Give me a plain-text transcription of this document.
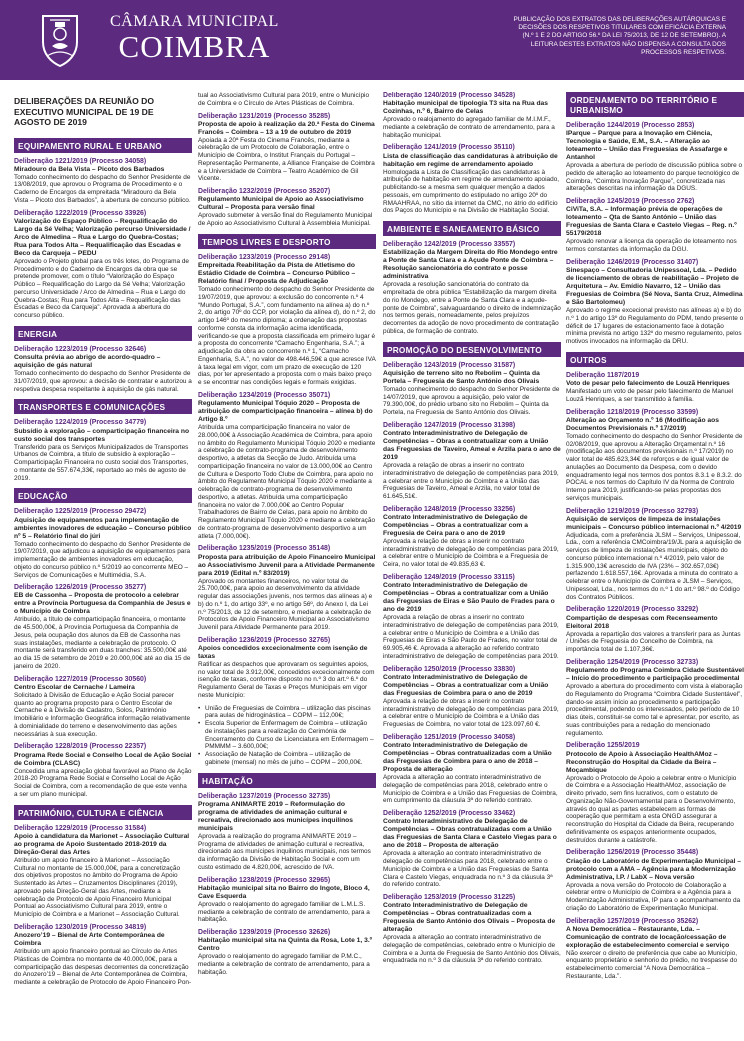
CÂMARA MUNICIPAL
COIMBRA
PUBLICAÇÃO DOS EXTRATOS DAS DELIBERAÇÕES AUTÁRQUICAS E DECISÕES DOS RESPETIVOS TITULARES COM EFICÁCIA EXTERNA (N.º 1 E 2 DO ARTIGO 56.º DA LEI 75/2013, DE 12 DE SETEMBRO). A LEITURA DESTES EXTRATOS NÃO DISPENSA A CONSULTA DOS PROCESSOS RESPETIVOS.
DELIBERAÇÕES DA REUNIÃO DO EXECUTIVO MUNICIPAL DE 19 DE AGOSTO DE 2019
EQUIPAMENTO RURAL E URBANO
Deliberação 1221/2019 (Processo 34058)
Miradouro da Bela Vista – Picoto dos Barbados
Tomado conhecimento do despacho do Senhor Presidente de 13/08/2019, que aprovou o Programa de Procedimento e o Caderno de Encargos da empreitada “Miradouro da Bela Vista – Picoto dos Barbados”, à abertura de concurso público.
Deliberação 1222/2019 (Processo 33926)
Valorização do Espaço Público – Requalificação do Largo da Sé Velha; Valorização percurso Universidade / Arco de Almedina – Rua e Largo do Quebra-Costas; Rua para Todos Alta – Requalificação das Escadas e Beco da Carqueja – PEDU
Aprovado o Projeto global para os três lotes, do Programa de Procedimento e do Caderno de Encargos da obra que se pretende promover, com o título “Valorização do Espaço Público – Requalificação do Largo da Sé Velha; Valorização percurso Universidade / Arco de Almedina – Rua e Largo do Quebra-Costas; Rua para Todos Alta – Requalificação das Escadas e Beco da Carqueja”. Aprovada a abertura do concurso público.
ENERGIA
Deliberação 1223/2019 (Processo 32646)
Consulta prévia ao abrigo de acordo-quadro – aquisição de gás natural
Tomado conhecimento do despacho do Senhor Presidente de 31/07/2019, que aprovou: a decisão de contratar e autorizou a respetiva despesa respeitante à aquisição de gás natural.
TRANSPORTES E COMUNICAÇÕES
Deliberação 1224/2019 (Processo 34779)
Subsídio à exploração – comparticipação financeira no custo social dos transportes
Transferido para os Serviços Municipalizados de Transportes Urbanos de Coimbra, a título de subsídio à exploração – Comparticipação Financeira no custo social dos Transportes, o montante de 557.674,33€, reportado ao mês de agosto de 2019.
EDUCAÇÃO
Deliberação 1225/2019 (Processo 29472)
Aquisição de equipamentos para implementação de ambientes inovadores de educação – Concurso público nº 5 – Relatório final do júri
Tomado conhecimento do despacho do Senhor Presidente de 19/07/2019, que adjudicou a aquisição de equipamentos para implementação de ambientes inovadores em educação, objeto do concurso público n.º 5/2019 ao concorrente MEO – Serviços de Comunicações e Multimédia, S.A.
Deliberação 1226/2019 (Processo 35277)
EB de Cassonha – Proposta de protocolo a celebrar entre a Província Portuguesa da Companhia de Jesus e o Município de Coimbra
Atribuído, a título de comparticipação financeira, o montante de 45.500,00€, à Província Portuguesa da Companhia de Jesus, pela ocupação dos alunos da EB de Cassonha nas suas instalações, mediante a celebração de protocolo. O montante será transferido em duas tranches: 35.500,00€ até ao dia 15 de setembro de 2019 e 20.000,00€ até ao dia 15 de janeiro de 2020.
Deliberação 1227/2019 (Processo 30560)
Centro Escolar de Cernache / Lameira
Solicitado à Divisão de Educação e Ação Social parecer quanto ao programa proposto para o Centro Escolar de Cernache e à Divisão de Cadastro, Solos, Património Imobiliário e Informação Geográfica informação relativamente à dominialidade do terreno e desenvolvimento das ações necessárias à sua execução.
Deliberação 1228/2019 (Processo 22357)
Programa Rede Social e Conselho Local de Ação Social de Coimbra (CLASC)
Concedida uma apreciação global favorável ao Plano de Ação 2018-20 Programa Rede Social e Conselho Local de Ação Social de Coimbra, com a recomendação de que este venha a ser um plano municipal.
PATRIMÓNIO, CULTURA E CIÊNCIA
Deliberação 1229/2019 (Processo 31584)
Apoio à candidatura da Marionet – Associação Cultural ao programa de Apoio Sustentado 2018-2019 da Direção-Geral das Artes
Atribuído um apoio financeiro à Marionet – Associação Cultural no montante de 15.000,00€, para a concretização dos objetivos propostos no âmbito do Programa de Apoio Sustentado às Artes – Cruzamentos Disciplinares (2019), aprovado pela Direção-Geral das Artes, mediante a celebração de Protocolo de Apoio Financeiro Municipal Pontual ao Associativismo Cultural para 2019, entre o Município de Coimbra e a Marionet – Associação Cultural.
Deliberação 1230/2019 (Processo 34819)
Anozero’19 – Bienal de Arte Contemporânea de Coimbra
Atribuído um apoio financeiro pontual ao Círculo de Artes Plásticas de Coimbra no montante de 40.000,00€, para a comparticipação das despesas decorrentes da concretização do Anozero’19 – Bienal de Arte Contemporânea de Coimbra, mediante a celebração de Protocolo de Apoio Financeiro Pon-
tual ao Associativismo Cultural para 2019, entre o Município de Coimbra e o Círculo de Artes Plásticas de Coimbra.
Deliberação 1231/2019 (Processo 35285)
Proposta de apoio à realização da 20.ª Festa do Cinema Francês – Coimbra – 13 a 19 de outubro de 2019
Apoiada a 20ª Festa do Cinema Francês, mediante a celebração de um Protocolo de Colaboração, entre o Município de Coimbra, o Institut Français du Portugal – Representação Permanente, a Alliance Française de Coimbra e a Universidade de Coimbra – Teatro Académico de Gil Vicente.
Deliberação 1232/2019 (Processo 35207)
Regulamento Municipal de Apoio ao Associativismo Cultural – Proposta para versão final
Aprovado submeter à versão final do Regulamento Municipal de Apoio ao Associativismo Cultural à Assembleia Municipal.
TEMPOS LIVRES E DESPORTO
Deliberação 1233/2019 (Processo 29148)
Empreitada Reabilitação da Pista de Atletismo do Estádio Cidade de Coimbra – Concurso Público – Relatório final / Proposta de Adjudicação
Tomado conhecimento do despacho do Senhor Presidente de 19/07/2019, que aprovou: a exclusão do concorrente n.º 4 “Mundo Portugal, S.A.”, com fundamento na alínea a) do n.º 2, do artigo 70º do CCP, por violação da alínea d), do n.º 2, do artigo 146º do mesmo diploma; a ordenação das propostas conforme consta da informação acima identificada, verificando-se que a proposta classificada em primeiro lugar é a proposta do concorrente “Camacho Engenharia, S.A.”; a adjudicação da obra ao concorrente n.º 1, “Camacho Engenharia, S.A.”, no valor de 498.446,59€ a que acresce IVA à taxa legal em vigor, com um prazo de execução de 120 dias, por ter apresentado a proposta com o mais baixo preço e se encontrar nas condições legais e formais exigidas.
Deliberação 1234/2019 (Processo 35071)
Regulamento Municipal Tóquio 2020 – Proposta de atribuição de comparticipação financeira – alínea b) do Artigo 8.º
Atribuída uma comparticipação financeira no valor de 28.000,00€ à Associação Académica de Coimbra, para apoio no âmbito do Regulamento Municipal Tóquio 2020 e mediante a celebração de contrato-programa de desenvolvimento desportivo, a atletas da Secção de Judo. Atribuída uma comparticipação financeira no valor de 13.000,00€ ao Centro de Cultura e Desporto Todo Clube de Coimbra, para apoio no âmbito do Regulamento Municipal Tóquio 2020 e mediante a celebração de contrato-programa de desenvolvimento desportivo, a atletas. Atribuída uma comparticipação financeira no valor de 7.000,00€ ao Centro Popular Trabalhadores de Bairro de Celas, para apoio no âmbito do Regulamento Municipal Tóquio 2020 e mediante a celebração de contrato-programa de desenvolvimento desportivo a um atleta (7.000,00€).
Deliberação 1235/2019 (Processo 35148)
Proposta para atribuição de Apoio Financeiro Municipal ao Associativismo Juvenil para a Atividade Permanente para 2019 (Edital n.º 83/2019)
Aprovado os montantes financeiros, no valor total de 25.700,00€, para apoio ao desenvolvimento da atividade regular das associações juvenis, nos termos das alíneas a) e b) do n.º 1, do artigo 33º, e no artigo 56º, do Anexo I, da Lei n.º 75/2013, de 12 de setembro, e mediante a celebração de Protocolos de Apoio Financeiro Municipal ao Associativismo Juvenil para Atividade Permanente para 2019.
Deliberação 1236/2019 (Processo 32765)
Apoios concedidos excecionalmente com isenção de taxas
Ratificar as despachos que aprovaram os seguintes apoios, no valor total de 3.912,00€, concedidos excecionalmente com isenção de taxas, conforme disposto no n.º 3 do art.º 6.º do Regulamento Geral de Taxas e Preços Municipais em vigor neste Município:
• União de Freguesias de Coimbra – utilização das piscinas para aulas de hidroginástica – COPM – 112,00€;
• Escola Superior de Enfermagem de Coimbra – utilização de instalações para a realização do Cerimónia de Encerramento do Curso de Licenciatura em Enfermagem – PMMMM – 3.600,00€;
• Associação de Natação de Coimbra – utilização de gabinete (mensal) no mês de julho – COPM – 200,00€.
HABITAÇÃO
Deliberação 1237/2019 (Processo 32735)
Programa ANIMARTE 2019 – Reformulação do programa de atividades de animação cultural e recreativa, direcionado aos municípes inquilinos municipais
Aprovada a realização do programa ANIMARTE 2019 – Programa de atividades de animação cultural e recreativa, direcionado aos munícipes inquilinos municipais, nos termos da informação da Divisão de Habitação Social e com um custo estimado de 4.820,00€, acrescido de IVA.
Deliberação 1238/2019 (Processo 32965)
Habitação municipal sita no Bairro do Ingote, Bloco 4, Cave Esquerda
Aprovado o realojamento do agregado familiar de L.M.L.S. mediante a celebração de contrato de arrendamento, para a habitação.
Deliberação 1239/2019 (Processo 32626)
Habitação municipal sita na Quinta da Rosa, Lote 1, 3.º Centro
Aprovado o realojamento do agregado familiar de P.M.C., mediante a celebração de contrato de arrendamento, para a habitação.
Deliberação 1240/2019 (Processo 34528)
Habitação municipal de tipologia T3 sita na Rua das Cozinhas, n.º 6, Bairro de Celas
Aprovado o realojamento do agregado familiar de M.I.M.F., mediante a celebração de contrato de arrendamento, para a habitação municipal.
Deliberação 1241/2019 (Processo 35110)
Lista de classificação das candidaturas à atribuição de habitação em regime de arrendamento apoiado
Homologada a Lista de Classificação das candidaturas à atribuição de habitação em regime de arrendamento apoiado, publicitando-se a mesma sem qualquer menção a dados pessoais, em cumprimento do estipulado no artigo 20º do RMAAHRAA, no sítio da internet da CMC, no átrio do edifício dos Paços do Município e na Divisão de Habitação Social.
AMBIENTE E SANEAMENTO BÁSICO
Deliberação 1242/2019 (Processo 33557)
Estabilização da Margem Direita do Rio Mondego entre a Ponte de Santa Clara e a Açude Ponte de Coimbra – Resolução sancionatória do contrato e posse administrativa
Aprovada a resolução sancionatória do contrato da empreitada de obra pública “Estabilização da margem direita do rio Mondego, entre a Ponte de Santa Clara e a açude-ponte de Coimbra”, salvaguardando o direito de indemnização nos termos gerais, nomeadamente, pelos prejuízos decorrentes da adoção de novo procedimento de contratação pública, de formação de contrato.
PROMOÇÃO DO DESENVOLVIMENTO
Deliberação 1243/2019 (Processo 31587)
Aquisição de terreno sito no Rebolim – Quinta da Portela – Freguesia de Santo António dos Olivais
Tomado conhecimento do despacho do Senhor Presidente de 14/07/2019, que aprovou a aquisição, pelo valor de 79.390,00€, do prédio urbano sito no Rebolim – Quinta da Portela, na Freguesia de Santo António dos Olivais.
Deliberação 1247/2019 (Processo 31398)
Contrato Interadministrativo de Delegação de Competências – Obras a contratualizar com a União das Freguesias de Taveiro, Ameal e Arzila para o ano de 2019
Aprovada a relação de obras a inserir no contrato interadministrativo de delegação de competências para 2019, a celebrar entre o Município de Coimbra e a União das Freguesias de Taveiro, Ameal e Arzila, no valor total de 61.645,51€.
Deliberação 1248/2019 (Processo 33256)
Contrato Interadministrativo de Delegação de Competências – Obras a contratualizar com a Freguesia de Ceira para o ano de 2019
Aprovada a relação de obras a inserir no contrato interadministrativo de delegação de competências para 2019, a celebrar entre o Município de Coimbra e a Freguesia de Ceira, no valor total de 49.835,63 €.
Deliberação 1249/2019 (Processo 33115)
Contrato Interadministrativo de Delegação de Competências – Obras a contratualizar com a União das Freguesias de Eiras e São Paulo de Frades para o ano de 2019
Aprovada a relação de obras a inserir no contrato interadministrativo de delegação de competências para 2019, a celebrar entre o Município de Coimbra e a União das Freguesias de Eiras e São Paulo de Frades, no valor total de 69.905,46 €. Aprovada a alteração ao referido contrato interadministrativo de delegação de competências para 2019.
Deliberação 1250/2019 (Processo 33830)
Contrato Interadministrativo de Delegação de Competências – Obras a contratualizar com a União das Freguesias de Coimbra para o ano de 2019
Aprovada a relação de obras a inserir no contrato interadministrativo de delegação de competências para 2019, a celebrar entre o Município de Coimbra e a União das Freguesias de Coimbra, no valor total de 123.097,60 €.
Deliberação 1251/2019 (Processo 34058)
Contrato Interadministrativo de Delegação de Competências – Obras contratualizadas com a União das Freguesias de Coimbra para o ano de 2018 – Proposta de alteração
Aprovada a alteração ao contrato interadministrativo de delegação de competências para 2018, celebrado entre o Município de Coimbra e a União das Freguesias de Coimbra, em cumprimento da cláusula 3ª do referido contrato.
Deliberação 1252/2019 (Processo 33462)
Contrato Interadministrativo de Delegação de Competências – Obras contratualizadas com a União das Freguesias de Santa Clara e Castelo Viegas para o ano de 2018 – Proposta de alteração
Aprovada a alteração ao contrato interadministrativo de delegação de competências para 2018, celebrado entre o Município de Coimbra e a União das Freguesias de Santa Clara e Castelo Viegas, enquadrada no n.º 3 da cláusula 3ª do referido contrato.
Deliberação 1253/2019 (Processo 31225)
Contrato Interadministrativo de Delegação de Competências – Obras contratualizadas com a Freguesia de Santo António dos Olivais – Proposta de alteração
Aprovada a alteração ao contrato interadministrativo de delegação de competências, celebrado entre o Município de Coimbra e a Junta de Freguesia de Santo António dos Olivais, enquadrada no n.º 3 da cláusula 3ª do referido contrato.
ORDENAMENTO DO TERRITÓRIO E URBANISMO
Deliberação 1244/2019 (Processo 2853)
IParque – Parque para a Inovação em Ciência, Tecnologia e Saúde, E.M., S.A. – Alteração ao loteamento – União das Freguesias de Assafarge e Antanhol
Aprovada a abertura de período de discussão pública sobre o pedido de alteração ao loteamento do parque tecnológico de Coimbra, “Coimbra Inovação Parque”, concretizada nas alterações descritas na informação da DGUS.
Deliberação 1245/2019 (Processo 2762)
CiViTa, S.A. – Informação prévia de operações de loteamento – Qta de Santo António – União das Freguesias de Santa Clara e Castelo Viegas – Reg. n.º 55179/2018
Aprovado renovar a licença da operação de loteamento nos termos constantes da informação da DGU.
Deliberação 1246/2019 (Processo 31407)
Sinespaço – Consultadoria Unipessoal, Lda. – Pedido de licenciamento de obras de reabilitação – Projeto de Arquitetura – Av. Emídio Navarro, 12 – União das Freguesias de Coimbra (Sé Nova, Santa Cruz, Almedina e São Bartolomeu)
Aprovado o regime excecional previsto nas alíneas a) e b) do n.º 1 do artigo 13º do Regulamento do PDM, tendo presente o déficit de 17 lugares de estacionamento face à dotação mínima prevista no artigo 132º do mesmo regulamento, pelos motivos invocados na informação da DRU.
OUTROS
Deliberação 1187/2019
Voto de pesar pelo falecimento de Louzã Henriques
Manifestado um voto de pesar pelo falecimento de Manuel Louzã Henriques, a ser transmitido à família.
Deliberação 1218/2019 (Processo 33599)
Alteração ao Orçamento n.º 16 (Modificação aos Documentos Previsionais n.º 17/2019)
Tomado conhecimento do despacho do Senhor Presidente de 02/08/2019, que aprovou a Alteração Orçamental n.º 16 (modificação aos documentos previsionais n.º 17/2019) no valor total de 485.623,34€ de reforços e de igual valor de anulações ao Documento da Despesa, com o devido enquadramento legal nos termos dos pontos 8.3.1 e 8.3.2. do POCAL e nos termos do Capítulo IV da Norma de Controlo Interno para 2019, justificando-se pelas propostas dos serviços municipais.
Deliberação 1219/2019 (Processo 32793)
Aquisição de serviços de limpeza de instalações municipais – Concurso público internacional n.º 4/2019
Adjudicada, com a preferência JLSM – Serviços, Unipessoal, Lda., com a referência CMCoimbra/19/JL para a aquisição de serviços de limpeza de instalações municipais, objeto do concurso público internacional n.º 4/2019, pelo valor de 1.315.900,13€ acrescido de IVA (23% – 302.657,03€) perfazendo 1.618.557,16€. Aprovada a minuta do contrato a celebrar entre o Município de Coimbra e JLSM – Serviços, Unipessoal, Lda., nos termos do n.º 1 do art.º 98.º do Código dos Contratos Públicos.
Deliberação 1220/2019 (Processo 33292)
Compartição de despesas com Recenseamento Eleitoral 2018
Aprovada a repartição dos valores a transferir para as Juntas / Uniões de Freguesia do Concelho de Coimbra, na importância total de 1.107,36€.
Deliberação 1254/2019 (Processo 32733)
Regulamento do Programa Coimbra Cidade Sustentável – Início do procedimento e participação procedimental
Aprovado a abertura do procedimento com vista à elaboração do Regulamento do Programa “Coimbra Cidade Sustentável”, dando-se assim início ao procedimento e participação procedimental, podendo os interessados, pelo período de 10 dias úteis, constituir-se como tal e apresentar, por escrito, as suas contribuições para a redação do mencionado regulamento.
Deliberação 1255/2019
Protocolo de Apoio à Associação HealthAMoz – Reconstrução do Hospital da Cidade da Beira – Moçambique
Aprovado o Protocolo de Apoio a celebrar entre o Município de Coimbra e a Associação HealthAMoz, associação de direito privado, sem fins lucrativos, com o estatuto de Organização Não-Governamental para o Desenvolvimento, através do qual as partes estabelecem as formas de cooperação que permitam a esta ONGD assegurar a reconstrução do Hospital da Cidade da Beira, recuperando definitivamente os espaços anteriormente ocupados, destruídos durante a catástrofe.
Deliberação 1256/2019 (Processo 35448)
Criação do Laboratório de Experimentação Municipal – protocolo com a AMA – Agência para a Modernização Administrativa, I.P. / LabX – Nova versão
Aprovada a nova versão do Protocolo de Colaboração a celebrar entre o Município de Coimbra e a Agência para a Modernização Administrativa, IP para o acompanhamento da criação do Laboratório de Experimentação Municipal.
Deliberação 1257/2019 (Processo 35262)
A Nova Democrática – Restaurante, Lda. – Comunicação de contrato de locação/cessação de exploração de estabelecimento comercial e serviço
Não exercer o direito de preferência que cabe ao Município, enquanto proprietário e senhorio do prédio, no trespasse do estabelecimento comercial “A Nova Democrática – Restaurante, Lda.”.
